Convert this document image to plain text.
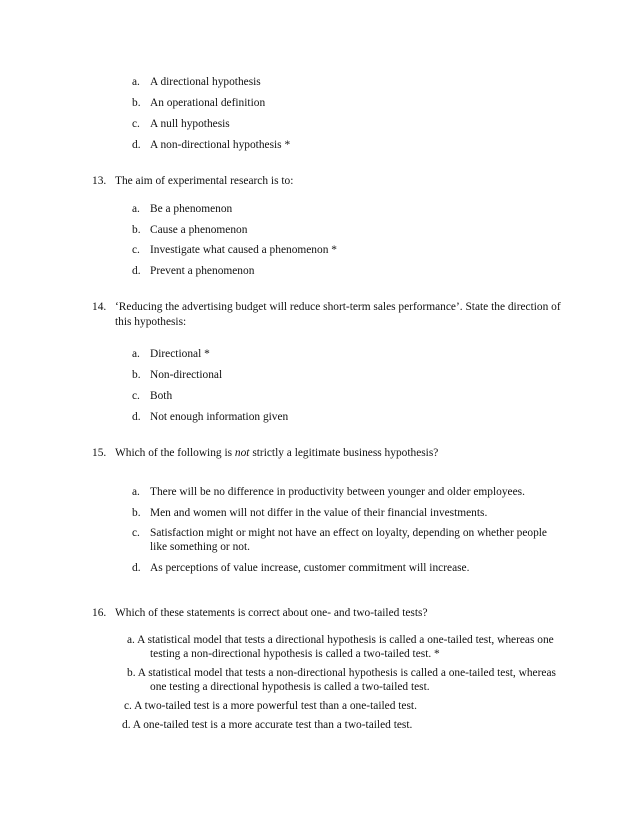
a. A directional hypothesis
b. An operational definition
c. A null hypothesis
d. A non-directional hypothesis *
13. The aim of experimental research is to:
a. Be a phenomenon
b. Cause a phenomenon
c. Investigate what caused a phenomenon *
d. Prevent a phenomenon
14. ‘Reducing the advertising budget will reduce short-term sales performance’. State the direction of
this hypothesis:
a. Directional *
b. Non-directional
c. Both
d. Not enough information given
15. Which of the following is not strictly a legitimate business hypothesis?
a. There will be no difference in productivity between younger and older employees.
b. Men and women will not differ in the value of their financial investments.
c. Satisfaction might or might not have an effect on loyalty, depending on whether people
like something or not.
d. As perceptions of value increase, customer commitment will increase.
16. Which of these statements is correct about one- and two-tailed tests?
a. A statistical model that tests a directional hypothesis is called a one-tailed test, whereas one
testing a non-directional hypothesis is called a two-tailed test. *
b. A statistical model that tests a non-directional hypothesis is called a one-tailed test, whereas
one testing a directional hypothesis is called a two-tailed test.
c. A two-tailed test is a more powerful test than a one-tailed test.
d. A one-tailed test is a more accurate test than a two-tailed test.
